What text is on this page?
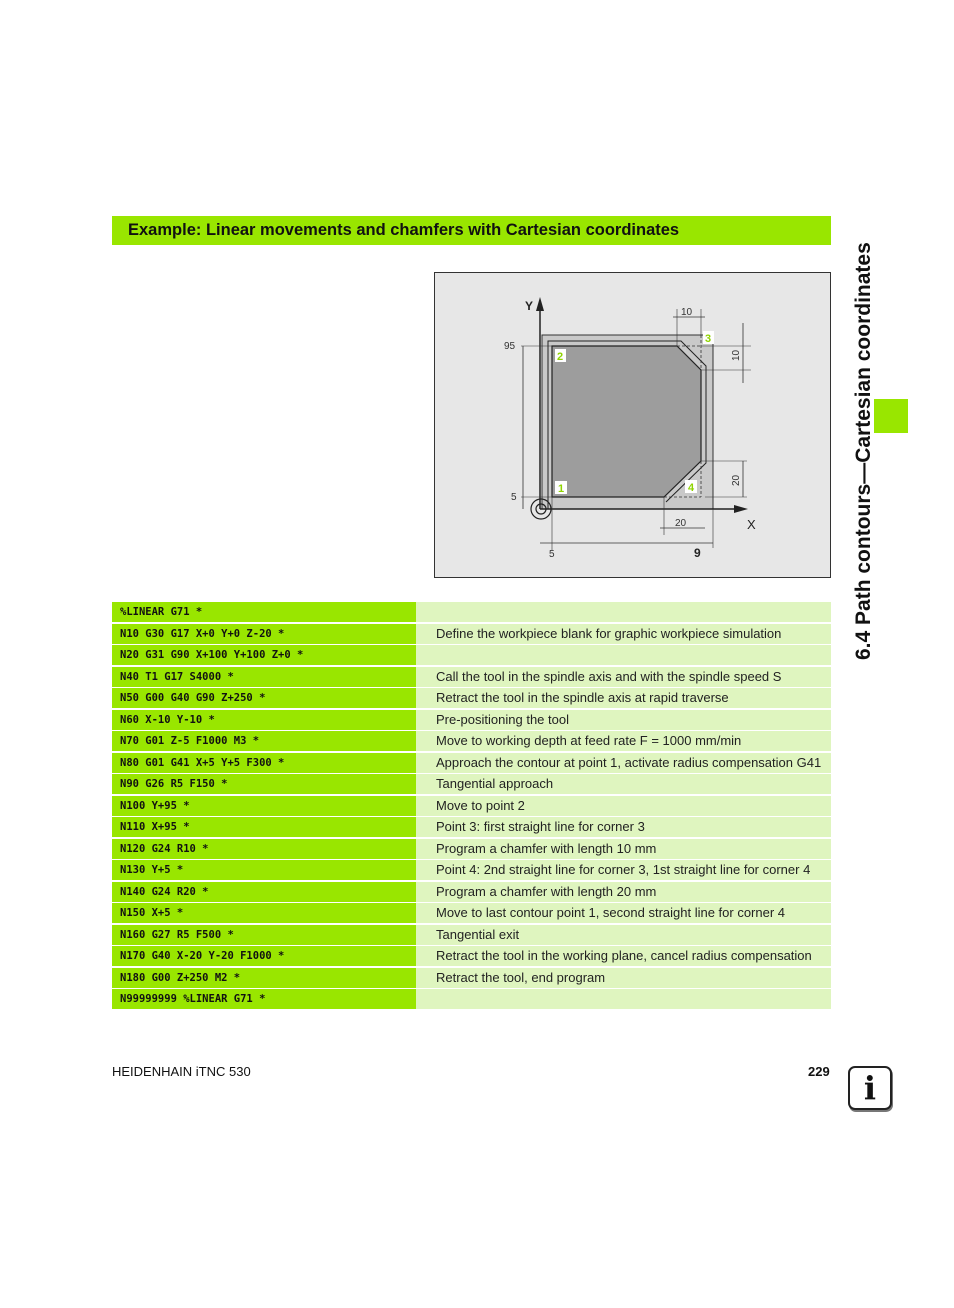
Example: Linear movements and chamfers with Cartesian coordinates
6.4 Path contours—Cartesian coordinates
10
10
20
20
95
5
5	9
Y
X
2
3
1	4
%LINEAR G71 *
N10 G30 G17 X+0 Y+0 Z-20 *	Define the workpiece blank for graphic workpiece simulation
N20 G31 G90 X+100 Y+100 Z+0 *
N40 T1 G17 S4000 *	Call the tool in the spindle axis and with the spindle speed S
N50 G00 G40 G90 Z+250 *	Retract the tool in the spindle axis at rapid traverse
N60 X-10 Y-10 *	Pre-positioning the tool
N70 G01 Z-5 F1000 M3 *	Move to working depth at feed rate F = 1000 mm/min
N80 G01 G41 X+5 Y+5 F300 *	Approach the contour at point 1, activate radius compensation G41
N90 G26 R5 F150 *	Tangential approach
N100 Y+95 *	Move to point 2
N110 X+95 *	Point 3: first straight line for corner 3
N120 G24 R10 *	Program a chamfer with length 10 mm
N130 Y+5 *	Point 4: 2nd straight line for corner 3, 1st straight line for corner 4
N140 G24 R20 *	Program a chamfer with length 20 mm
N150 X+5 *	Move to last contour point 1, second straight line for corner 4
N160 G27 R5 F500 *	Tangential exit
N170 G40 X-20 Y-20 F1000 *	Retract the tool in the working plane, cancel radius compensation
N180 G00 Z+250 M2 *	Retract the tool, end program
N99999999 %LINEAR G71 *
HEIDENHAIN iTNC 530	229	i
